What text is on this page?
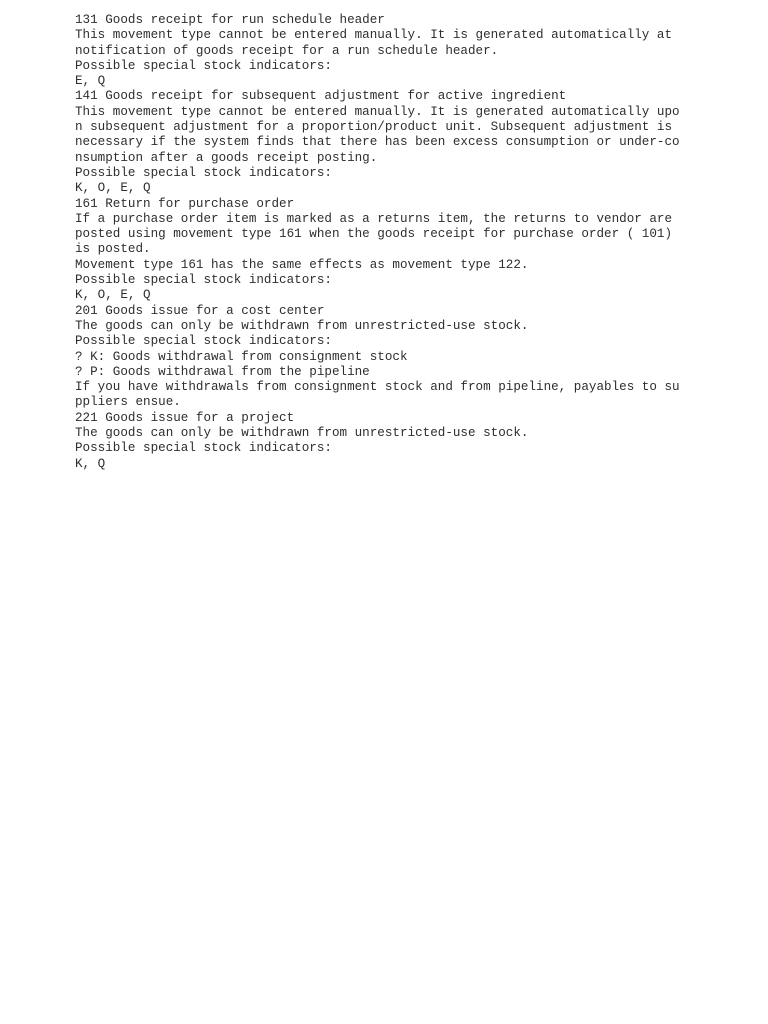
131 Goods receipt for run schedule header
This movement type cannot be entered manually. It is generated automatically at
notification of goods receipt for a run schedule header.
Possible special stock indicators:
E, Q
141 Goods receipt for subsequent adjustment for active ingredient
This movement type cannot be entered manually. It is generated automatically upo
n subsequent adjustment for a proportion/product unit. Subsequent adjustment is
necessary if the system finds that there has been excess consumption or under-co
nsumption after a goods receipt posting.
Possible special stock indicators:
K, O, E, Q
161 Return for purchase order
If a purchase order item is marked as a returns item, the returns to vendor are
posted using movement type 161 when the goods receipt for purchase order ( 101)
is posted.
Movement type 161 has the same effects as movement type 122.
Possible special stock indicators:
K, O, E, Q
201 Goods issue for a cost center
The goods can only be withdrawn from unrestricted-use stock.
Possible special stock indicators:
? K: Goods withdrawal from consignment stock
? P: Goods withdrawal from the pipeline
If you have withdrawals from consignment stock and from pipeline, payables to su
ppliers ensue.
221 Goods issue for a project
The goods can only be withdrawn from unrestricted-use stock.
Possible special stock indicators:
K, Q
